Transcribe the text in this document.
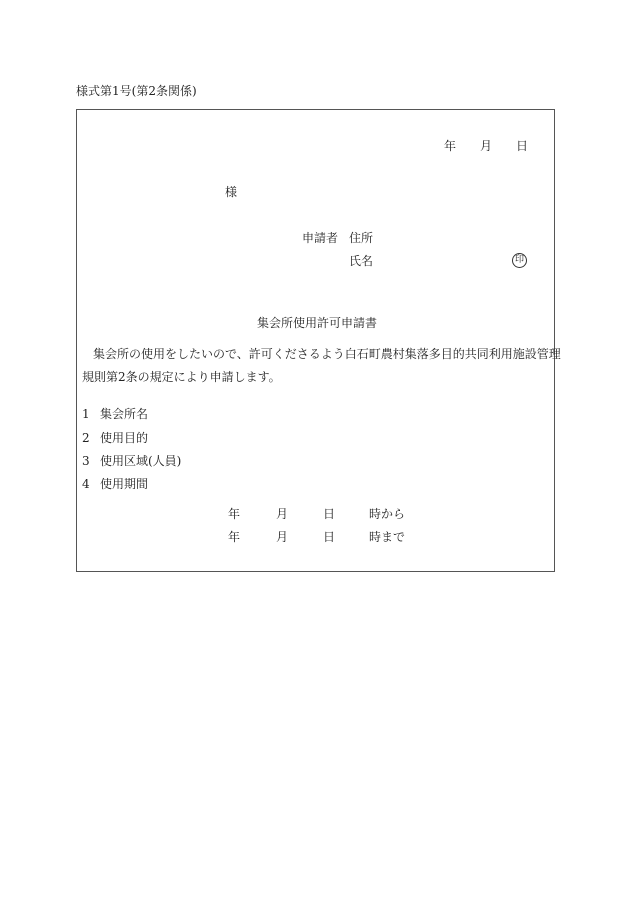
様式第1号(第2条関係)
年 月 日
様
申請者 住所
氏名	印
集会所使用許可申請書
集会所の使用をしたいので、許可くださるよう白石町農村集落多目的共同利用施設管理
規則第2条の規定により申請します。
1 集会所名
2 使用目的
3 使用区域(人員)
4 使用期間
年	月	日	時から
年	月	日	時まで
